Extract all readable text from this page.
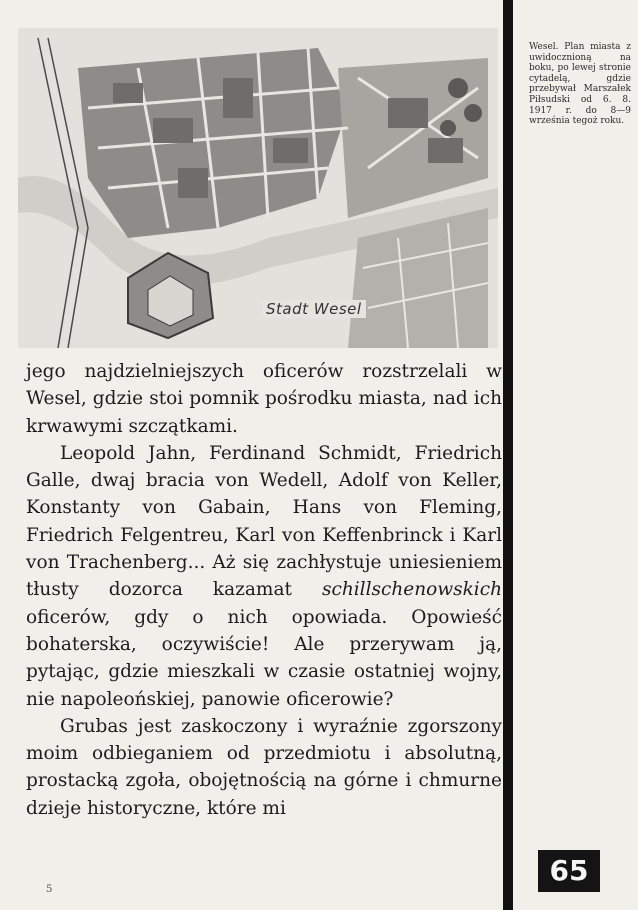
Stadt Wesel
Wesel. Plan miasta z uwidocznioną na boku, po lewej stronie cytadelą, gdzie przebywał Marszałek Piłsudski od 6. 8. 1917 r. do 8—9 września tegoż roku.

jego najdzielniejszych oficerów rozstrzelali w Wesel, gdzie stoi pomnik pośrodku miasta, nad ich krwawymi szczątkami.

Leopold Jahn, Ferdinand Schmidt, Friedrich Galle, dwaj bracia von Wedell, Adolf von Keller, Konstanty von Gabain, Hans von Fleming, Friedrich Felgentreu, Karl von Keffenbrinck i Karl von Trachenberg... Aż się zachłystuje uniesieniem tłusty dozorca kazamat schillschenowskich oficerów, gdy o nich opowiada. Opowieść bohaterska, oczywiście! Ale przerywam ją, pytając, gdzie mieszkali w czasie ostatniej wojny, nie napoleońskiej, panowie oficerowie?

Grubas jest zaskoczony i wyraźnie zgorszony moim odbieganiem od przedmiotu i absolutną, prostacką zgoła, obojętnością na górne i chmurne dzieje historyczne, które mi

65
5
